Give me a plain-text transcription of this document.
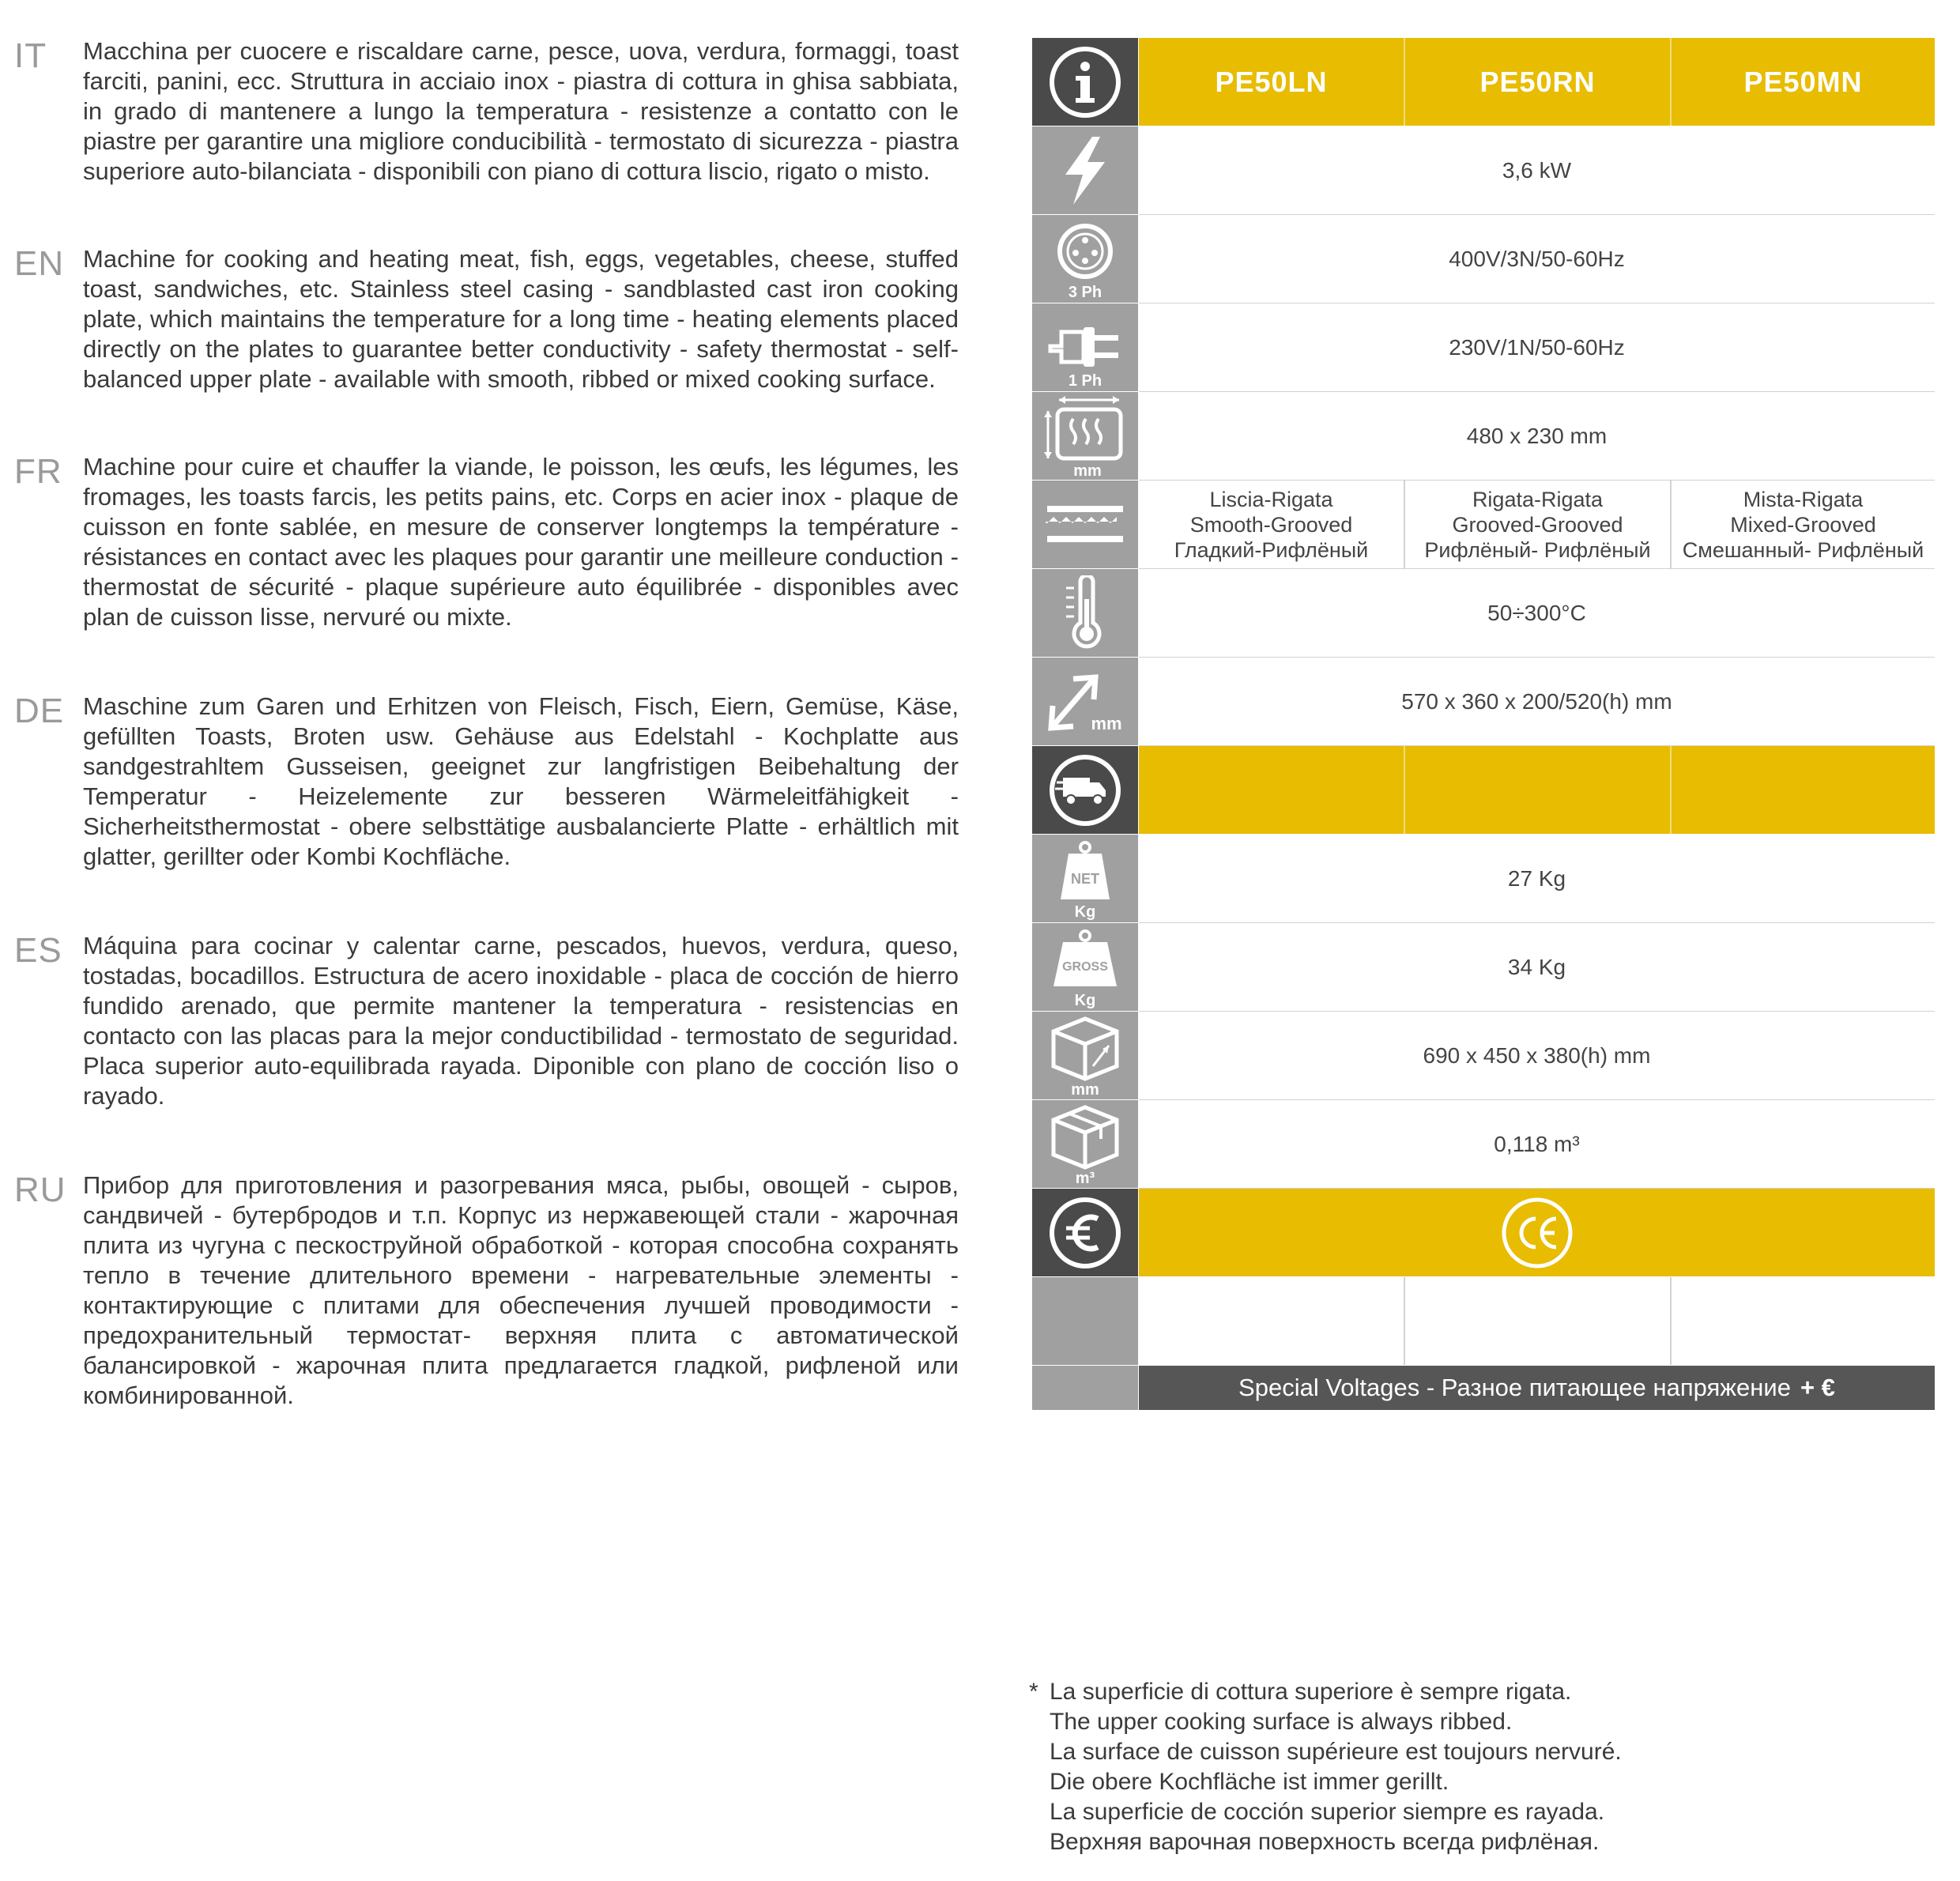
IT Macchina per cuocere e riscaldare carne, pesce, uova, verdura, formaggi, toast farciti, panini, ecc. Struttura in acciaio inox - piastra di cottura in ghisa sabbiata, in grado di mantenere a lungo la temperatura - resistenze a contatto con le piastre per garantire una migliore conducibilità - termostato di sicurezza - piastra superiore auto-bilanciata - disponibili con piano di cottura liscio, rigato o misto.
EN Machine for cooking and heating meat, fish, eggs, vegetables, cheese, stuffed toast, sandwiches, etc. Stainless steel casing - sandblasted cast iron cooking plate, which maintains the temperature for a long time - heating elements placed directly on the plates to guarantee better conductivity - safety thermostat - self-balanced upper plate - available with smooth, ribbed or mixed cooking surface.
FR Machine pour cuire et chauffer la viande, le poisson, les œufs, les légumes, les fromages, les toasts farcis, les petits pains, etc. Corps en acier inox - plaque de cuisson en fonte sablée, en mesure de conserver longtemps la température - résistances en contact avec les plaques pour garantir une meilleure conduction - thermostat de sécurité - plaque supérieure auto équilibrée - disponibles avec plan de cuisson lisse, nervuré ou mixte.
DE Maschine zum Garen und Erhitzen von Fleisch, Fisch, Eiern, Gemüse, Käse, gefüllten Toasts, Broten usw. Gehäuse aus Edelstahl - Kochplatte aus sandgestrahltem Gusseisen, geeignet zur langfristigen Beibehaltung der Temperatur - Heizelemente zur besseren Wärmeleitfähigkeit - Sicherheitsthermostat - obere selbsttätige ausbalancierte Platte - erhältlich mit glatter, gerillter oder Kombi Kochfläche.
ES Máquina para cocinar y calentar carne, pescados, huevos, verdura, queso, tostadas, bocadillos. Estructura de acero inoxidable - placa de cocción de hierro fundido arenado, que permite mantener la temperatura - resistencias en contacto con las placas para la mejor conductibilidad - termostato de seguridad. Placa superior auto-equilibrada rayada. Diponible con plano de cocción liso o rayado.
RU Прибор для приготовления и разогревания мяса, рыбы, овощей - сыров, сандвичей - бутербродов и т.п. Корпус из нержавеющей стали - жарочная плита из чугуна с пескоструйной обработкой - которая способна сохранять тепло в течение длительного времени - нагревательные элементы - контактирующие с плитами для обеспечения лучшей проводимости - предохранительный термостат- верхняя плита с автоматической балансировкой - жарочная плита предлагается гладкой, рифленой или комбинированной.
PE50LN	PE50RN	PE50MN
3,6 kW
3 Ph
400V/3N/50-60Hz
1 Ph
230V/1N/50-60Hz
mm
480 x 230 mm
Liscia-Rigata
Smooth-Grooved
Гладкий-Рифлёный
Rigata-Rigata
Grooved-Grooved
Рифлёный- Рифлёный
Mista-Rigata
Mixed-Grooved
Смешанный- Рифлёный
50÷300°C
mm
570 x 360 x 200/520(h) mm
NET
Kg
27 Kg
GROSS
Kg
34 Kg
mm
690 x 450 x 380(h) mm
m³
0,118 m³
CE
Special Voltages - Разное питающее напряжение + €
* La superficie di cottura superiore è sempre rigata.
The upper cooking surface is always ribbed.
La surface de cuisson supérieure est toujours nervuré.
Die obere Kochfläche ist immer gerillt.
La superficie de cocción superior siempre es rayada.
Верхняя варочная поверхность всегда рифлёная.
